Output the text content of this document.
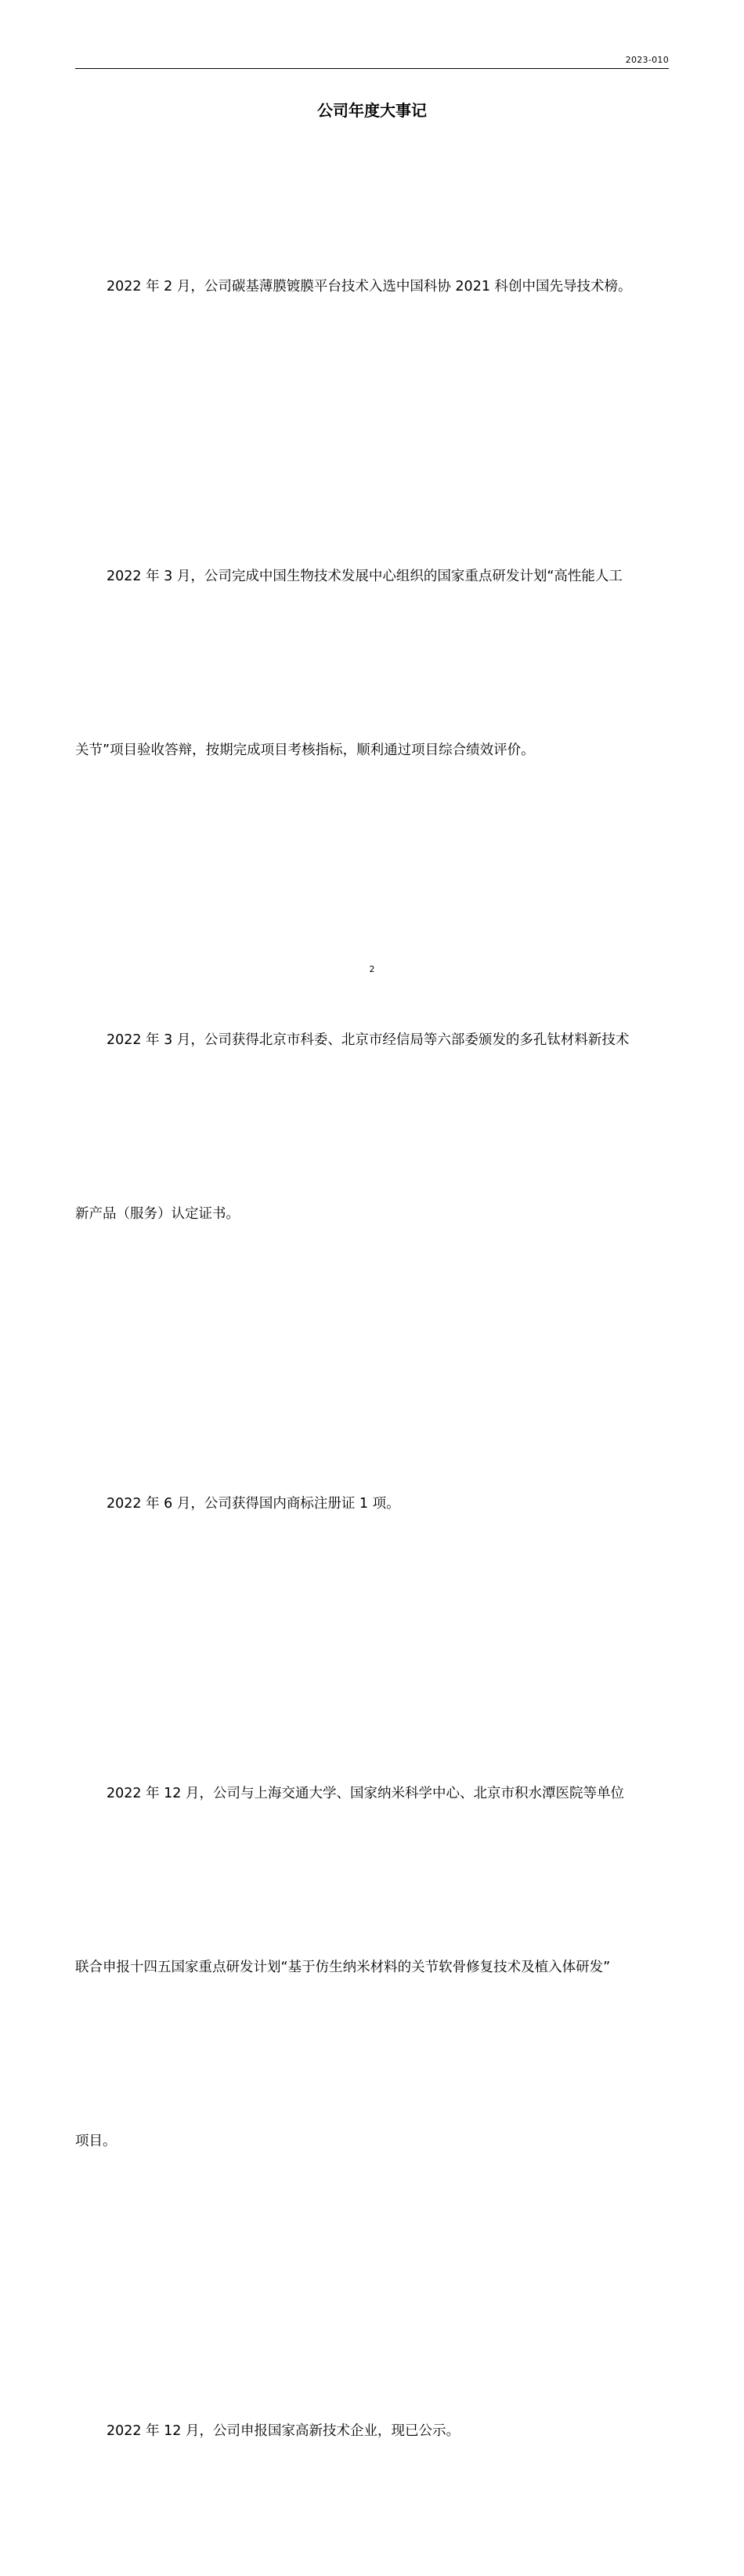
2023-010
公司年度大事记

2022 年 2 月，公司碳基薄膜镀膜平台技术入选中国科协 2021 科创中国先导技术榜。

2022 年 3 月，公司完成中国生物技术发展中心组织的国家重点研发计划“高性能人工

关节”项目验收答辩，按期完成项目考核指标，顺利通过项目综合绩效评价。

2022 年 3 月，公司获得北京市科委、北京市经信局等六部委颁发的多孔钛材料新技术

新产品（服务）认定证书。

2022 年 6 月，公司获得国内商标注册证 1 项。

2022 年 12 月，公司与上海交通大学、国家纳米科学中心、北京市积水潭医院等单位

联合申报十四五国家重点研发计划“基于仿生纳米材料的关节软骨修复技术及植入体研发”

项目。

2022 年 12 月，公司申报国家高新技术企业，现已公示。

2
